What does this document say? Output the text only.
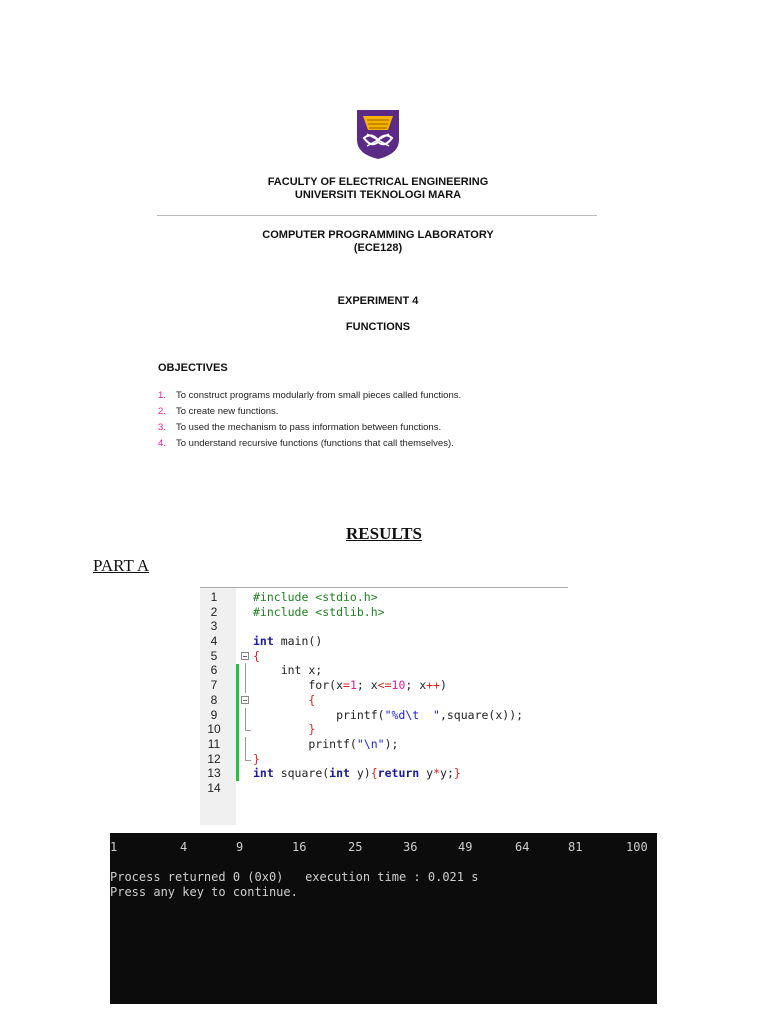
FACULTY OF ELECTRICAL ENGINEERING
UNIVERSITI TEKNOLOGI MARA
COMPUTER PROGRAMMING LABORATORY
(ECE128)
EXPERIMENT 4
FUNCTIONS
OBJECTIVES
1. To construct programs modularly from small pieces called functions.
2. To create new functions.
3. To used the mechanism to pass information between functions.
4. To understand recursive functions (functions that call themselves).
RESULTS
PART A
1	#include <stdio.h>
2	#include <stdlib.h>
3
4	int main()
5	{
6	int x;
7	for(x=1; x<=10; x++)
8	{
9	printf("%d\t  ",square(x));
10	}
11	printf("\n");
12	}
13	int square(int y){return y*y;}
14
1	4	9	16	25	36	49	64	81	100
Process returned 0 (0x0)   execution time : 0.021 s
Press any key to continue.
